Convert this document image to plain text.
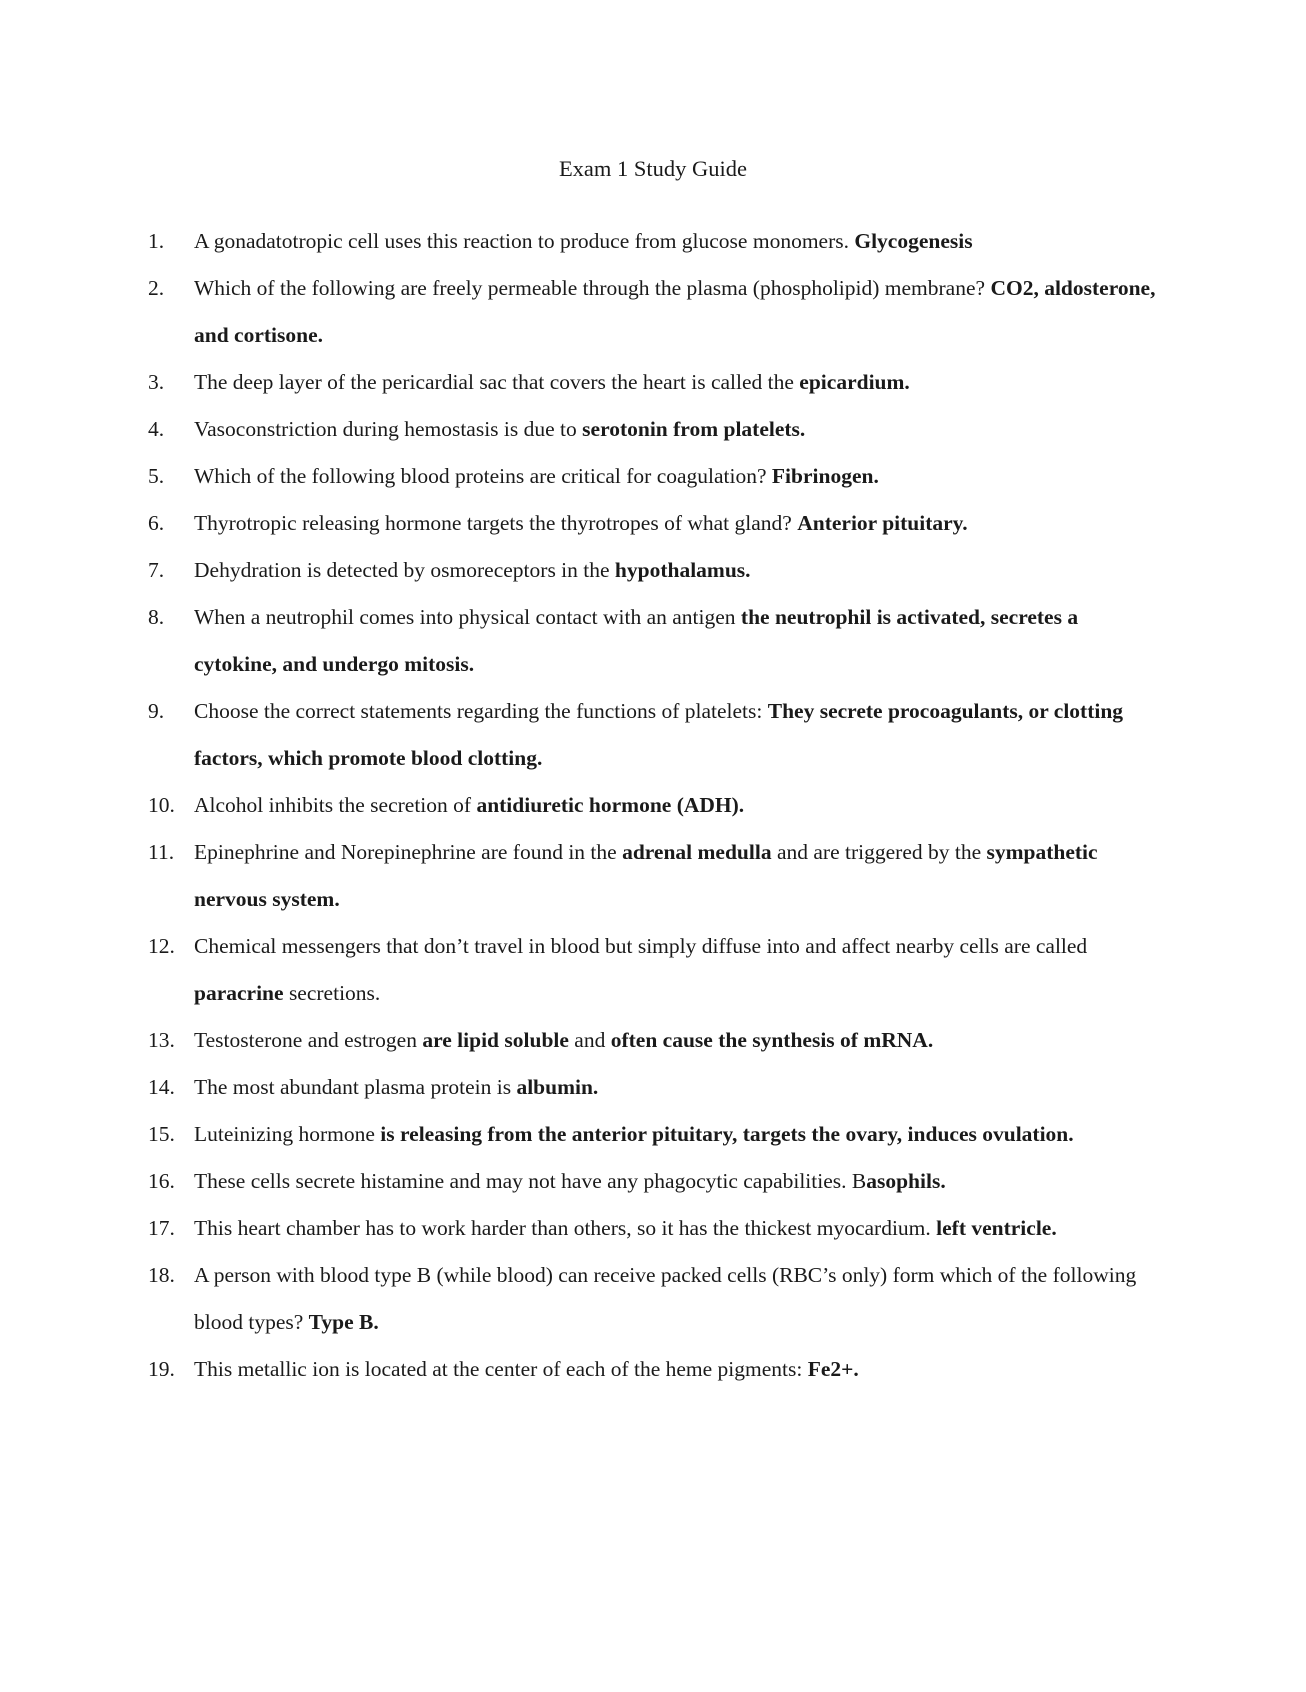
Exam 1 Study Guide
1. A gonadatotropic cell uses this reaction to produce from glucose monomers. Glycogenesis
2. Which of the following are freely permeable through the plasma (phospholipid) membrane? CO2, aldosterone, and cortisone.
3. The deep layer of the pericardial sac that covers the heart is called the epicardium.
4. Vasoconstriction during hemostasis is due to serotonin from platelets.
5. Which of the following blood proteins are critical for coagulation? Fibrinogen.
6. Thyrotropic releasing hormone targets the thyrotropes of what gland? Anterior pituitary.
7. Dehydration is detected by osmoreceptors in the hypothalamus.
8. When a neutrophil comes into physical contact with an antigen the neutrophil is activated, secretes a cytokine, and undergo mitosis.
9. Choose the correct statements regarding the functions of platelets: They secrete procoagulants, or clotting factors, which promote blood clotting.
10. Alcohol inhibits the secretion of antidiuretic hormone (ADH).
11. Epinephrine and Norepinephrine are found in the adrenal medulla and are triggered by the sympathetic nervous system.
12. Chemical messengers that don’t travel in blood but simply diffuse into and affect nearby cells are called paracrine secretions.
13. Testosterone and estrogen are lipid soluble and often cause the synthesis of mRNA.
14. The most abundant plasma protein is albumin.
15. Luteinizing hormone is releasing from the anterior pituitary, targets the ovary, induces ovulation.
16. These cells secrete histamine and may not have any phagocytic capabilities. Basophils.
17. This heart chamber has to work harder than others, so it has the thickest myocardium. left ventricle.
18. A person with blood type B (while blood) can receive packed cells (RBC’s only) form which of the following blood types? Type B.
19. This metallic ion is located at the center of each of the heme pigments: Fe2+.
